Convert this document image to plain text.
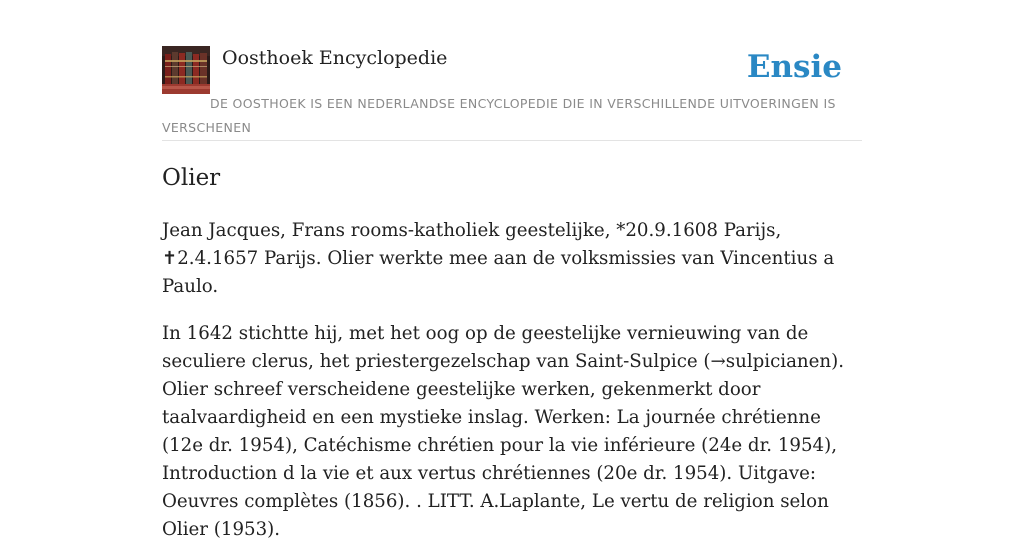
Oosthoek Encyclopedie	Ensie
DE OOSTHOEK IS EEN NEDERLANDSE ENCYCLOPEDIE DIE IN VERSCHILLENDE UITVOERINGEN IS VERSCHENEN
Olier

Jean Jacques, Frans rooms-katholiek geestelijke, *20.9.1608 Parijs, ✝2.4.1657 Parijs. Olier werkte mee aan de volksmissies van Vincentius a Paulo.

In 1642 stichtte hij, met het oog op de geestelijke vernieuwing van de seculiere clerus, het priestergezelschap van Saint-Sulpice (→sulpicianen). Olier schreef verscheidene geestelijke werken, gekenmerkt door taalvaardigheid en een mystieke inslag. Werken: La journée chrétienne (12e dr. 1954), Catéchisme chrétien pour la vie inférieure (24e dr. 1954), Introduction d la vie et aux vertus chrétiennes (20e dr. 1954). Uitgave: Oeuvres complètes (1856). . LITT. A.Laplante, Le vertu de religion selon Olier (1953).
